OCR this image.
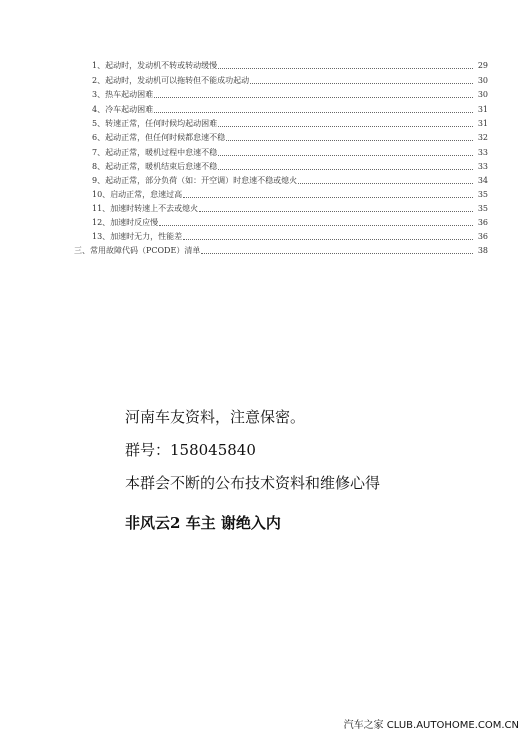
1、 起动时，发动机不转或转动缓慢	29
2、 起动时，发动机可以拖转但不能成功起动	30
3、 热车起动困难	30
4、 冷车起动困难	31
5、 转速正常，任何时候均起动困难	31
6、 起动正常，但任何时候都怠速不稳	32
7、 起动正常，暖机过程中怠速不稳	33
8、 起动正常，暖机结束后怠速不稳	33
9、 起动正常，部分负荷（如：开空调）时怠速不稳或熄火	34
10、 启动正常，怠速过高	35
11、 加速时转速上不去或熄火	35
12、 加速时反应慢	36
13、 加速时无力，性能差	36
三、 常用故障代码（PCODE）清单	38
河南车友资料，注意保密。
群号：158045840
本群会不断的公布技术资料和维修心得
非风云2 车主 谢绝入内
汽车之家 CLUB.AUTOHOME.COM.CN
